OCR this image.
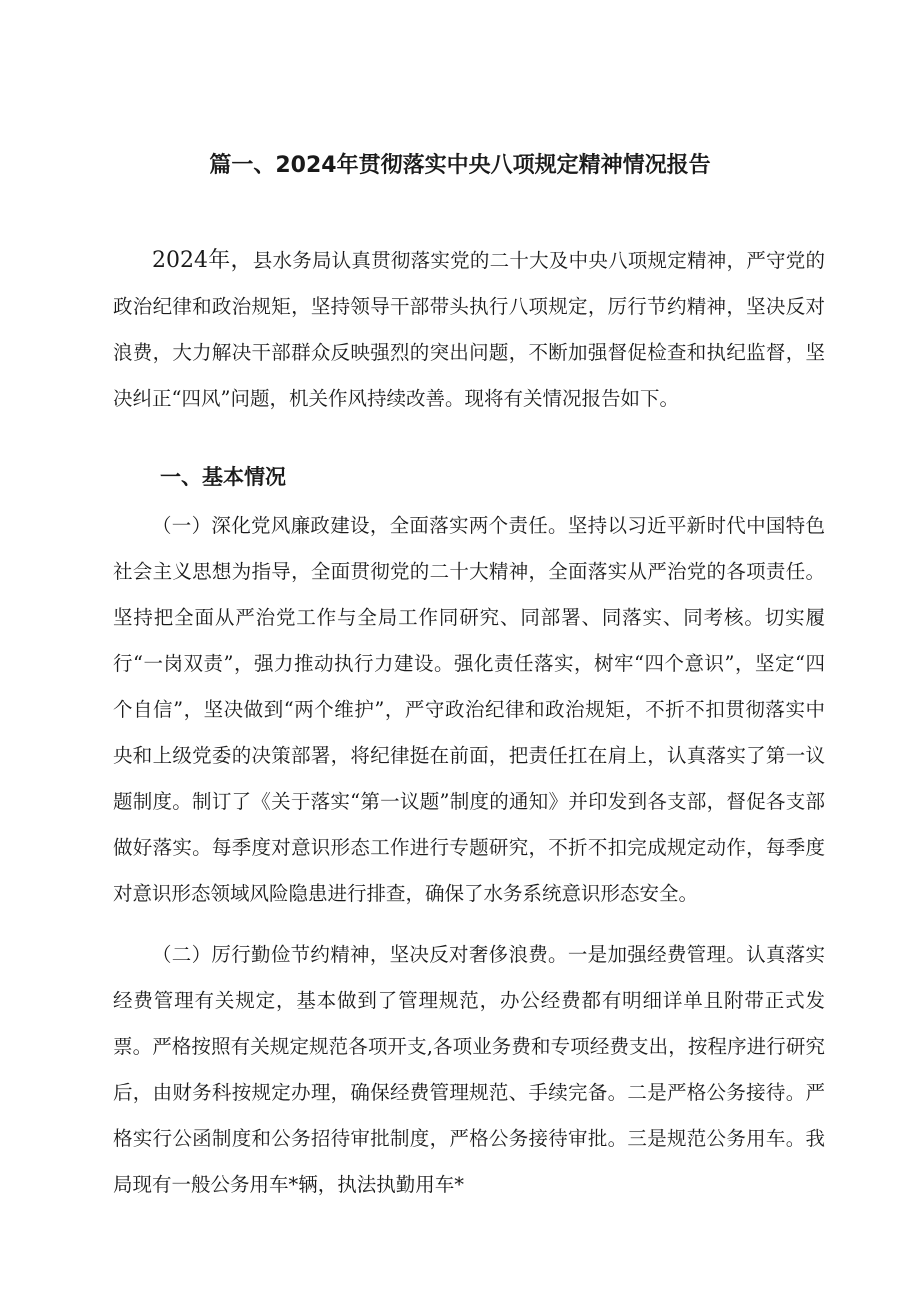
篇一、2024年贯彻落实中央八项规定精神情况报告

2024年，县水务局认真贯彻落实党的二十大及中央八项规定精神，严守党的政治纪律和政治规矩，坚持领导干部带头执行八项规定，厉行节约精神，坚决反对浪费，大力解决干部群众反映强烈的突出问题，不断加强督促检查和执纪监督，坚决纠正“四风”问题，机关作风持续改善。现将有关情况报告如下。

一、基本情况

（一）深化党风廉政建设，全面落实两个责任。坚持以习近平新时代中国特色社会主义思想为指导，全面贯彻党的二十大精神，全面落实从严治党的各项责任。坚持把全面从严治党工作与全局工作同研究、同部署、同落实、同考核。切实履行“一岗双责”，强力推动执行力建设。强化责任落实，树牢“四个意识”，坚定“四个自信”，坚决做到“两个维护”，严守政治纪律和政治规矩，不折不扣贯彻落实中央和上级党委的决策部署，将纪律挺在前面，把责任扛在肩上，认真落实了第一议题制度。制订了《关于落实“第一议题”制度的通知》并印发到各支部，督促各支部做好落实。每季度对意识形态工作进行专题研究，不折不扣完成规定动作，每季度对意识形态领域风险隐患进行排查，确保了水务系统意识形态安全。

（二）厉行勤俭节约精神，坚决反对奢侈浪费。一是加强经费管理。认真落实经费管理有关规定，基本做到了管理规范，办公经费都有明细详单且附带正式发票。严格按照有关规定规范各项开支,各项业务费和专项经费支出，按程序进行研究后，由财务科按规定办理，确保经费管理规范、手续完备。二是严格公务接待。严格实行公函制度和公务招待审批制度，严格公务接待审批。三是规范公务用车。我局现有一般公务用车*辆，执法执勤用车*
